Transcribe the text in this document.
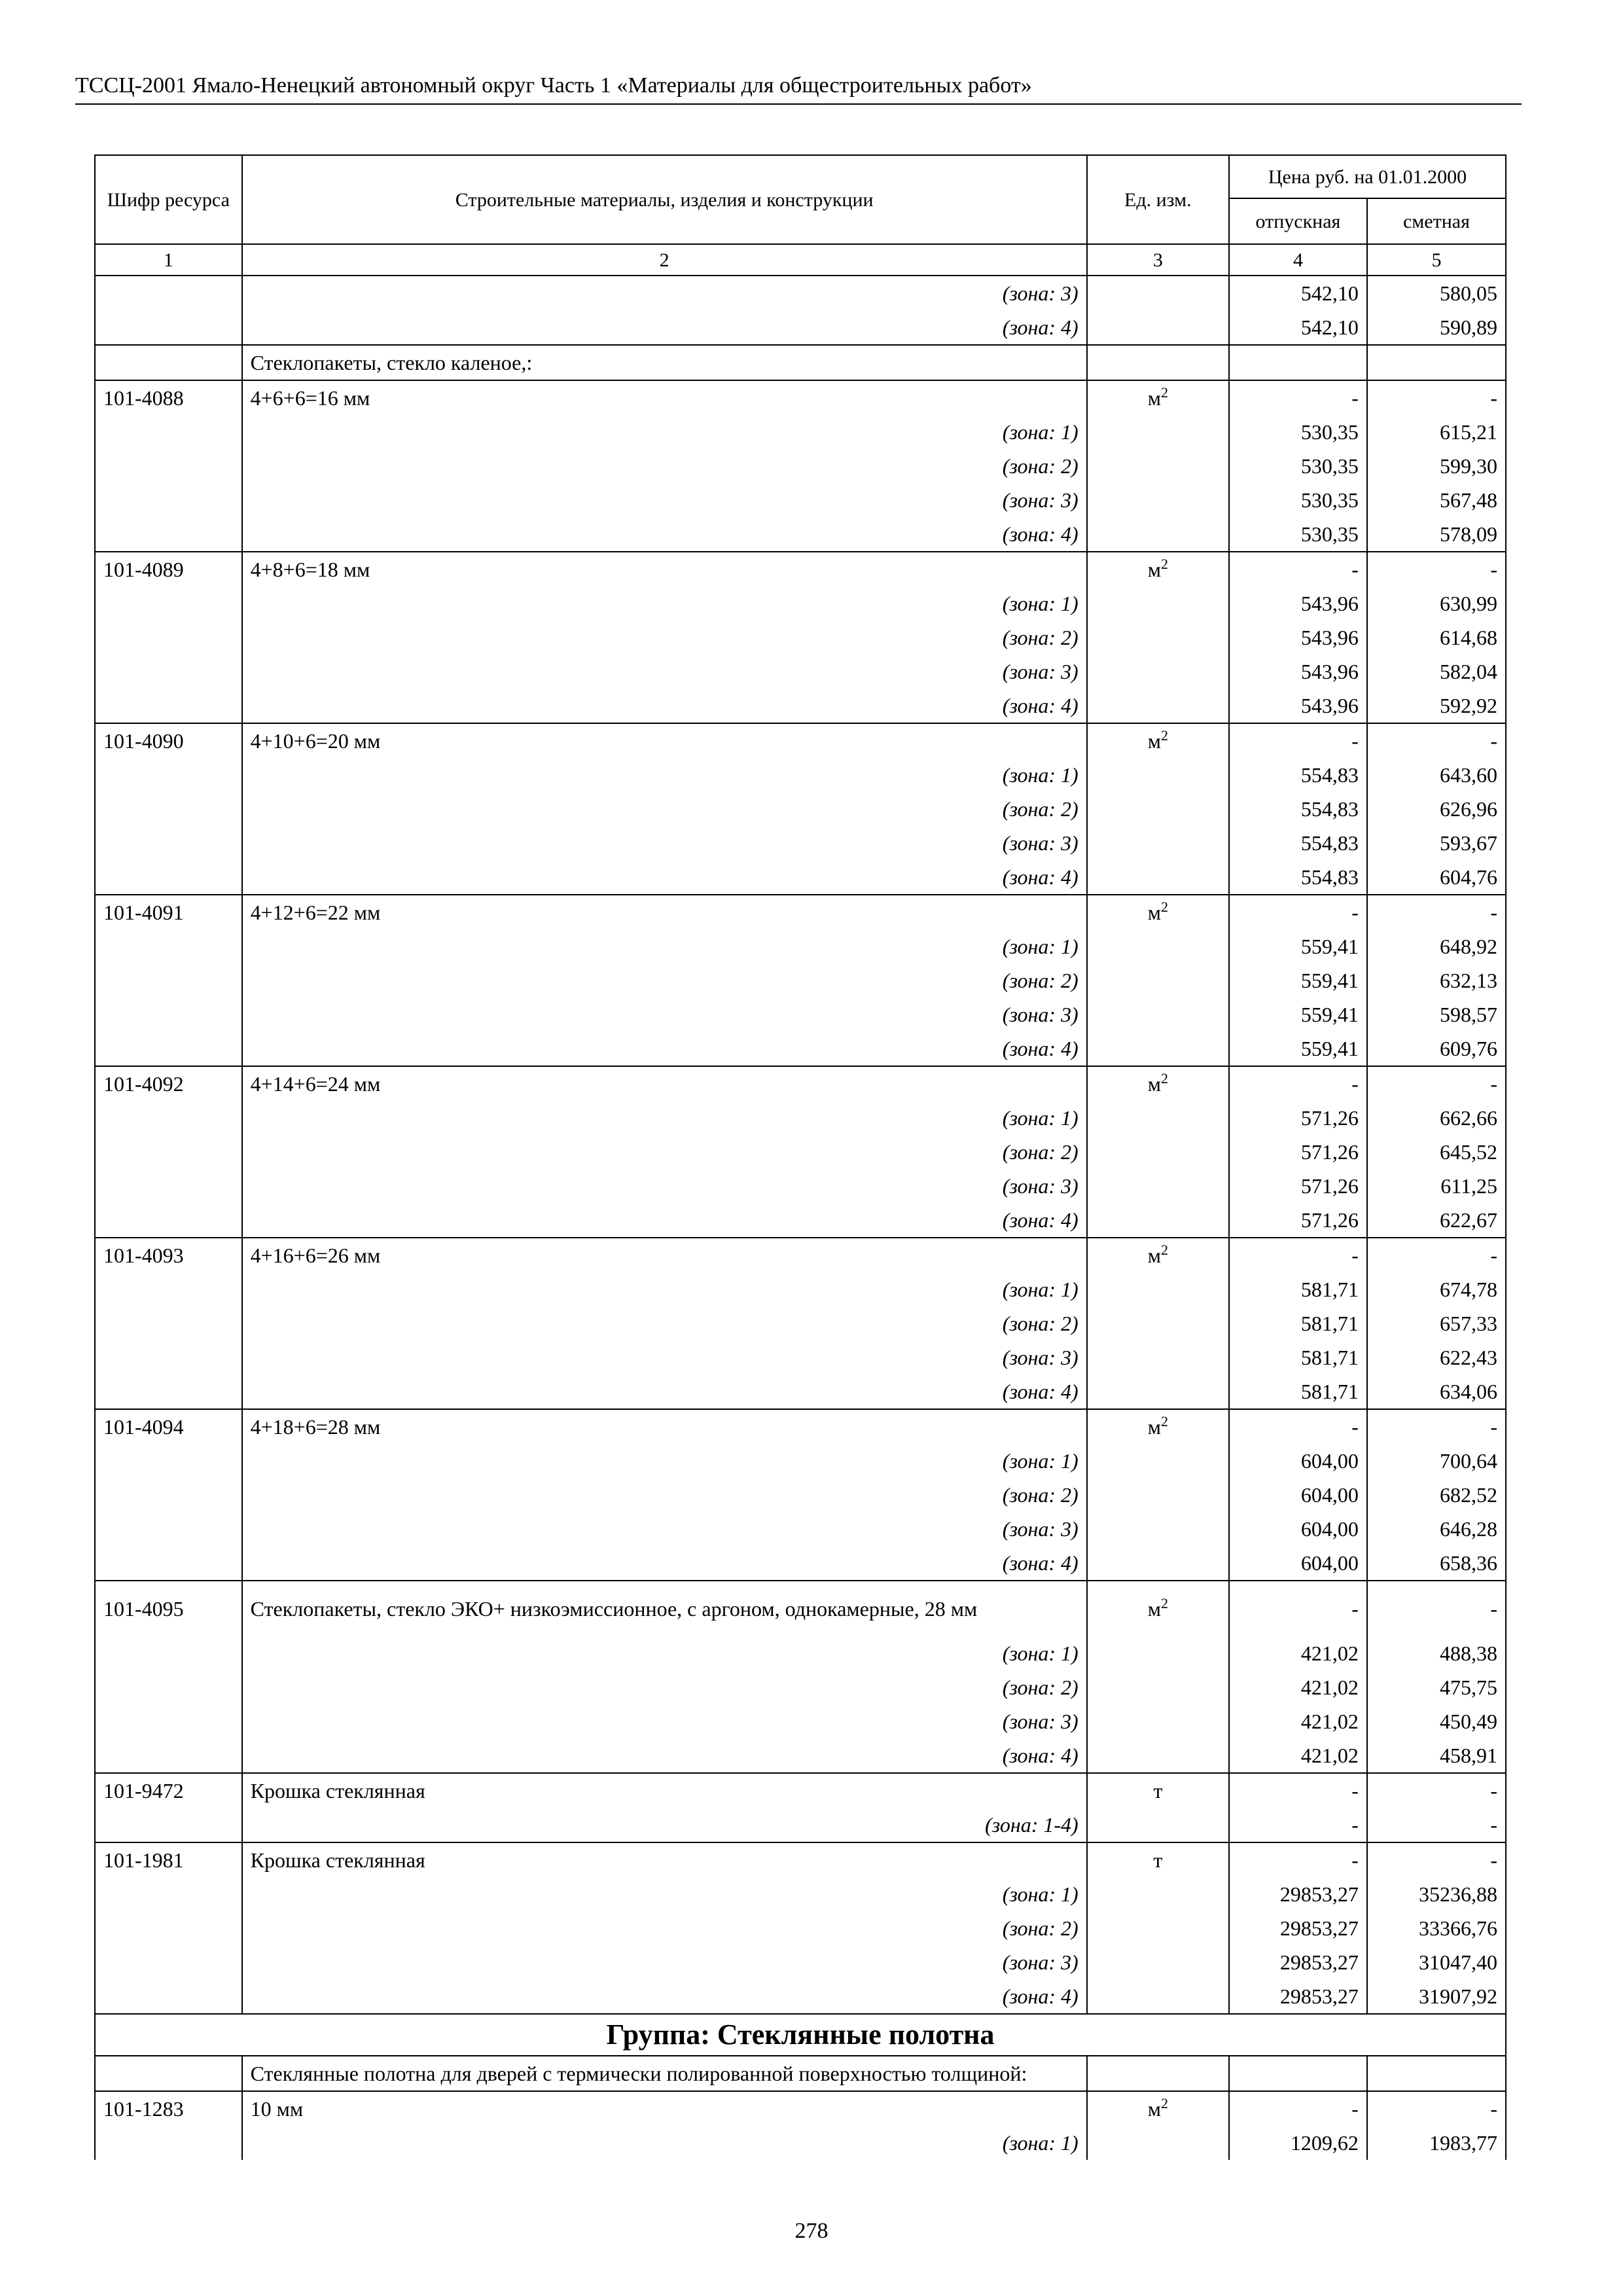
ТССЦ-2001 Ямало-Ненецкий автономный округ Часть 1 «Материалы для общестроительных работ»
Шифр ресурса	Строительные материалы, изделия и конструкции	Ед. изм.	Цена руб. на 01.01.2000	
			отпускная	сметная
1	2	3	4	5
	(зона: 3)		542,10	580,05
	(зона: 4)		542,10	590,89
	Стеклопакеты, стекло каленое,:			
101-4088	4+6+6=16 мм	$м^2$	-	-
	(зона: 1)		530,35	615,21
	(зона: 2)		530,35	599,30
	(зона: 3)		530,35	567,48
	(зона: 4)		530,35	578,09
101-4089	4+8+6=18 мм	$м^2$	-	-
	(зона: 1)		543,96	630,99
	(зона: 2)		543,96	614,68
	(зона: 3)		543,96	582,04
	(зона: 4)		543,96	592,92
101-4090	4+10+6=20 мм	$м^2$	-	-
	(зона: 1)		554,83	643,60
	(зона: 2)		554,83	626,96
	(зона: 3)		554,83	593,67
	(зона: 4)		554,83	604,76
101-4091	4+12+6=22 мм	$м^2$	-	-
	(зона: 1)		559,41	648,92
	(зона: 2)		559,41	632,13
	(зона: 3)		559,41	598,57
	(зона: 4)		559,41	609,76
101-4092	4+14+6=24 мм	$м^2$	-	-
	(зона: 1)		571,26	662,66
	(зона: 2)		571,26	645,52
	(зона: 3)		571,26	611,25
	(зона: 4)		571,26	622,67
101-4093	4+16+6=26 мм	$м^2$	-	-
	(зона: 1)		581,71	674,78
	(зона: 2)		581,71	657,33
	(зона: 3)		581,71	622,43
	(зона: 4)		581,71	634,06
101-4094	4+18+6=28 мм	$м^2$	-	-
	(зона: 1)		604,00	700,64
	(зона: 2)		604,00	682,52
	(зона: 3)		604,00	646,28
	(зона: 4)		604,00	658,36
101-4095	Стеклопакеты, стекло ЭКО+ низкоэмиссионное, с аргоном, однокамерные, 28 мм	$м^2$	-	-
	(зона: 1)		421,02	488,38
	(зона: 2)		421,02	475,75
	(зона: 3)		421,02	450,49
	(зона: 4)		421,02	458,91
101-9472	Крошка стеклянная	т	-	-
	(зона: 1-4)		-	-
101-1981	Крошка стеклянная	т	-	-
	(зона: 1)		29853,27	35236,88
	(зона: 2)		29853,27	33366,76
	(зона: 3)		29853,27	31047,40
	(зона: 4)		29853,27	31907,92
Группа: Стеклянные полотна				
	Стеклянные полотна для дверей с термически полированной поверхностью толщиной:			
101-1283	10 мм	$м^2$	-	-
	(зона: 1)		1209,62	1983,77
278
